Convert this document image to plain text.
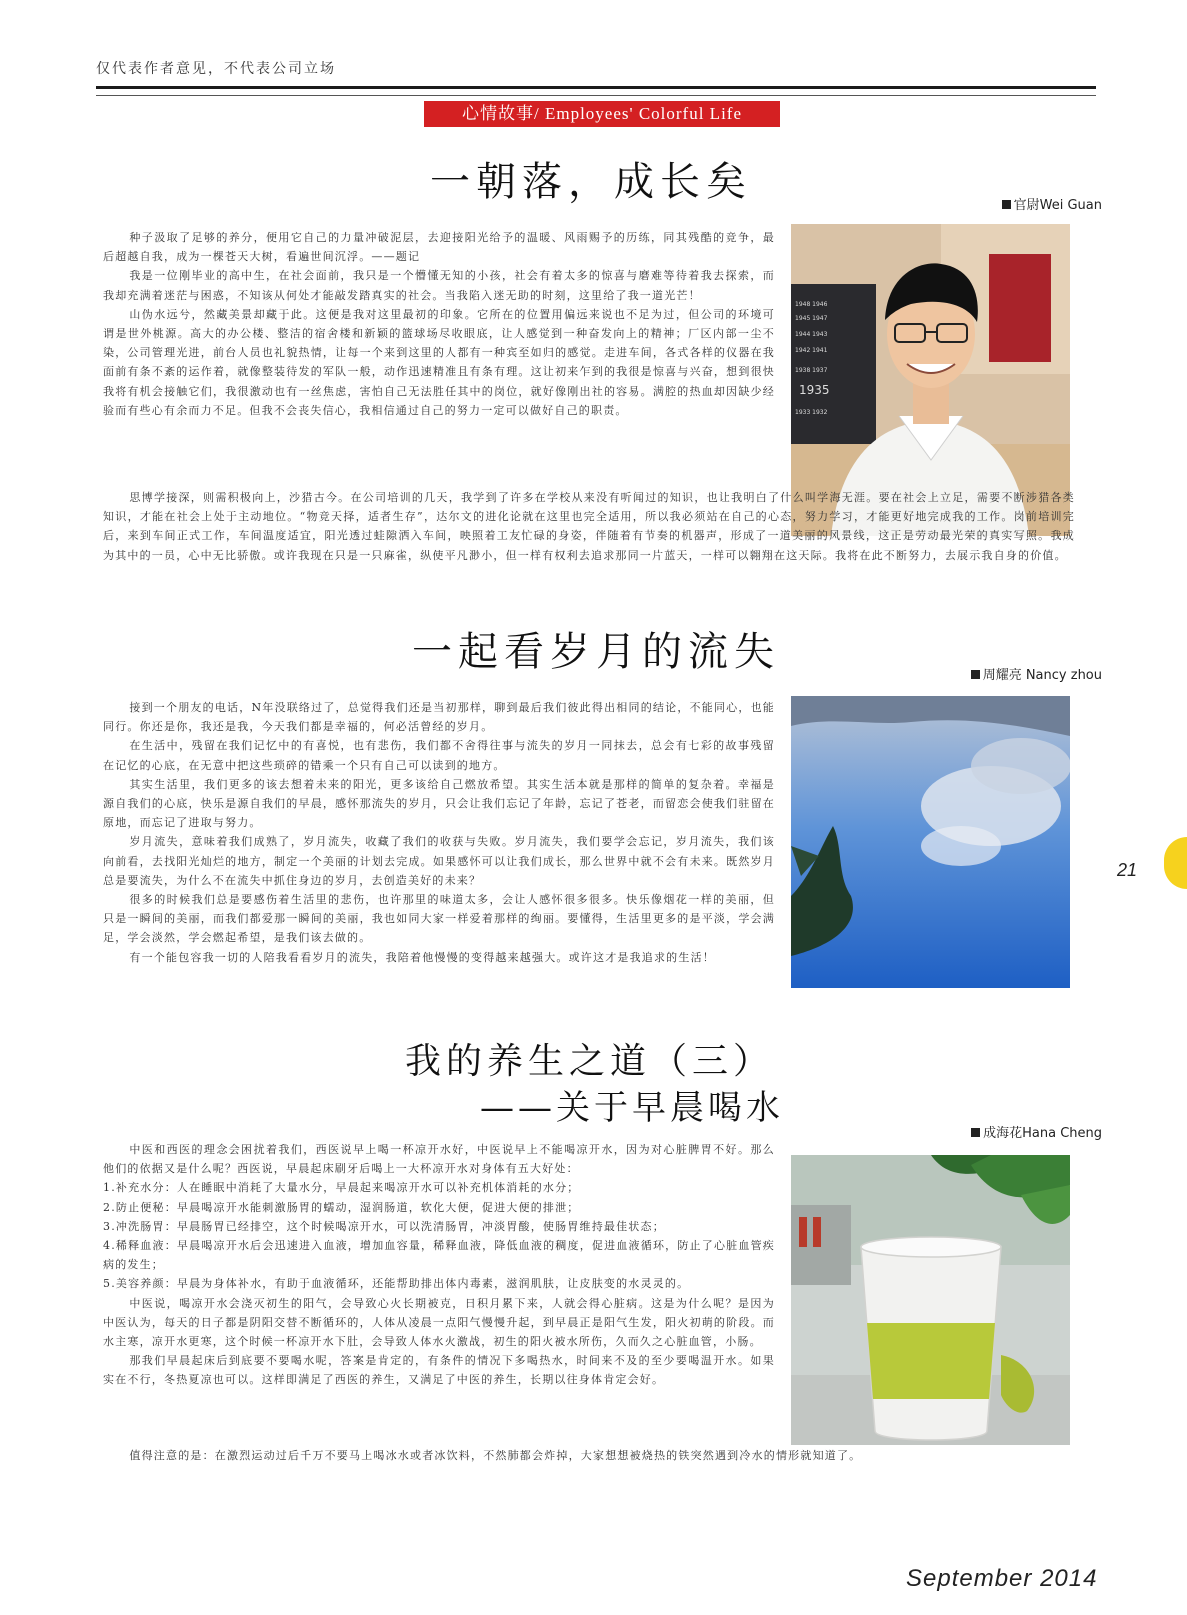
仅代表作者意见，不代表公司立场
心情故事/ Employees' Colorful Life
一朝落，成长矣
官尉Wei Guan
1948 1946
1945 1947
1944 1943
1942 1941
1938 1937
1935
1933 1932

种子汲取了足够的养分，便用它自己的力量冲破泥层，去迎接阳光给予的温暖、风雨赐予的历练，同其残酷的竞争，最后超越自我，成为一棵苍天大树，看遍世间沉浮。——题记

我是一位刚毕业的高中生，在社会面前，我只是一个懵懂无知的小孩，社会有着太多的惊喜与磨难等待着我去探索，而我却充满着迷茫与困惑，不知该从何处才能敲发踏真实的社会。当我陷入迷无助的时刻，这里给了我一道光芒！

山伪水远兮，然藏美景却藏于此。这便是我对这里最初的印象。它所在的位置用偏远来说也不足为过，但公司的环境可谓是世外桃源。高大的办公楼、整洁的宿舍楼和新颖的篮球场尽收眼底，让人感觉到一种奋发向上的精神；厂区内部一尘不染，公司管理光进，前台人员也礼貌热情，让每一个来到这里的人都有一种宾至如归的感觉。走进车间，各式各样的仪器在我面前有条不紊的运作着，就像整装待发的军队一般，动作迅速精准且有条有理。这让初来乍到的我很是惊喜与兴奋，想到很快我将有机会接触它们，我很激动也有一丝焦虑，害怕自己无法胜任其中的岗位，就好像刚出社的容易。满腔的热血却因缺少经验而有些心有余而力不足。但我不会丧失信心，我相信通过自己的努力一定可以做好自己的职责。

思博学接深，则需积极向上，沙猎古今。在公司培训的几天，我学到了许多在学校从来没有听闻过的知识，也让我明白了什么叫学海无涯。要在社会上立足，需要不断涉猎各类知识，才能在社会上处于主动地位。“物竞天择，适者生存”，达尔文的进化论就在这里也完全适用，所以我必须站在自己的心态，努力学习，才能更好地完成我的工作。岗前培训完后，来到车间正式工作，车间温度适宜，阳光透过蛙隙洒入车间，映照着工友忙碌的身姿，伴随着有节奏的机器声，形成了一道美丽的风景线，这正是劳动最光荣的真实写照。我成为其中的一员，心中无比骄傲。或许我现在只是一只麻雀，纵使平凡渺小，但一样有权利去追求那同一片蓝天，一样可以翱翔在这天际。我将在此不断努力，去展示我自身的价值。

一起看岁月的流失
周耀亮 Nancy zhou

接到一个朋友的电话，N年没联络过了，总觉得我们还是当初那样，聊到最后我们彼此得出相同的结论，不能同心，也能同行。你还是你，我还是我，今天我们都是幸福的，何必活曾经的岁月。

在生活中，残留在我们记忆中的有喜悦，也有悲伤，我们都不舍得往事与流失的岁月一同抹去，总会有七彩的故事残留在记忆的心底，在无意中把这些琐碎的错乘一个只有自己可以读到的地方。

其实生活里，我们更多的该去想着未来的阳光，更多该给自己燃放希望。其实生活本就是那样的简单的复杂着。幸福是源自我们的心底，快乐是源自我们的早晨，感怀那流失的岁月，只会让我们忘记了年龄，忘记了苍老，而留恋会使我们驻留在原地，而忘记了进取与努力。

岁月流失，意味着我们成熟了，岁月流失，收藏了我们的收获与失败。岁月流失，我们要学会忘记，岁月流失，我们该向前看，去找阳光灿烂的地方，制定一个美丽的计划去完成。如果感怀可以让我们成长，那么世界中就不会有未来。既然岁月总是要流失，为什么不在流失中抓住身边的岁月，去创造美好的未来？

很多的时候我们总是要感伤着生活里的悲伤，也许那里的味道太多，会让人感怀很多很多。快乐像烟花一样的美丽，但只是一瞬间的美丽，而我们都爱那一瞬间的美丽，我也如同大家一样爱着那样的绚丽。要懂得，生活里更多的是平淡，学会满足，学会淡然，学会燃起希望，是我们该去做的。

有一个能包容我一切的人陪我看看岁月的流失，我陪着他慢慢的变得越来越强大。或许这才是我追求的生活！

21
我的养生之道（三）
——关于早晨喝水
成海花Hana Cheng

中医和西医的理念会困扰着我们，西医说早上喝一杯凉开水好，中医说早上不能喝凉开水，因为对心脏脾胃不好。那么他们的依据又是什么呢？西医说，早晨起床刷牙后喝上一大杯凉开水对身体有五大好处：

1.补充水分：人在睡眠中消耗了大量水分，早晨起来喝凉开水可以补充机体消耗的水分；

2.防止便秘：早晨喝凉开水能刺激肠胃的蠕动，湿润肠道，软化大便，促进大便的排泄；

3.冲洗肠胃：早晨肠胃已经排空，这个时候喝凉开水，可以洗清肠胃，冲淡胃酸，使肠胃维持最佳状态；

4.稀释血液：早晨喝凉开水后会迅速进入血液，增加血容量，稀释血液，降低血液的稠度，促进血液循环，防止了心脏血管疾病的发生；

5.美容养颜：早晨为身体补水，有助于血液循环，还能帮助排出体内毒素，滋润肌肤，让皮肤变的水灵灵的。

中医说，喝凉开水会浇灭初生的阳气，会导致心火长期被克，日积月累下来，人就会得心脏病。这是为什么呢？是因为中医认为，每天的日子都是阴阳交替不断循环的，人体从凌晨一点阳气慢慢升起，到早晨正是阳气生发，阳火初萌的阶段。而水主寒，凉开水更寒，这个时候一杯凉开水下肚，会导致人体水火激战，初生的阳火被水所伤，久而久之心脏血管，小肠。

那我们早晨起床后到底要不要喝水呢，答案是肯定的，有条件的情况下多喝热水，时间来不及的至少要喝温开水。如果实在不行，冬热夏凉也可以。这样即满足了西医的养生，又满足了中医的养生，长期以往身体肯定会好。

值得注意的是：在激烈运动过后千万不要马上喝冰水或者冰饮料，不然肺都会炸掉，大家想想被烧热的铁突然遇到冷水的情形就知道了。

September 2014
